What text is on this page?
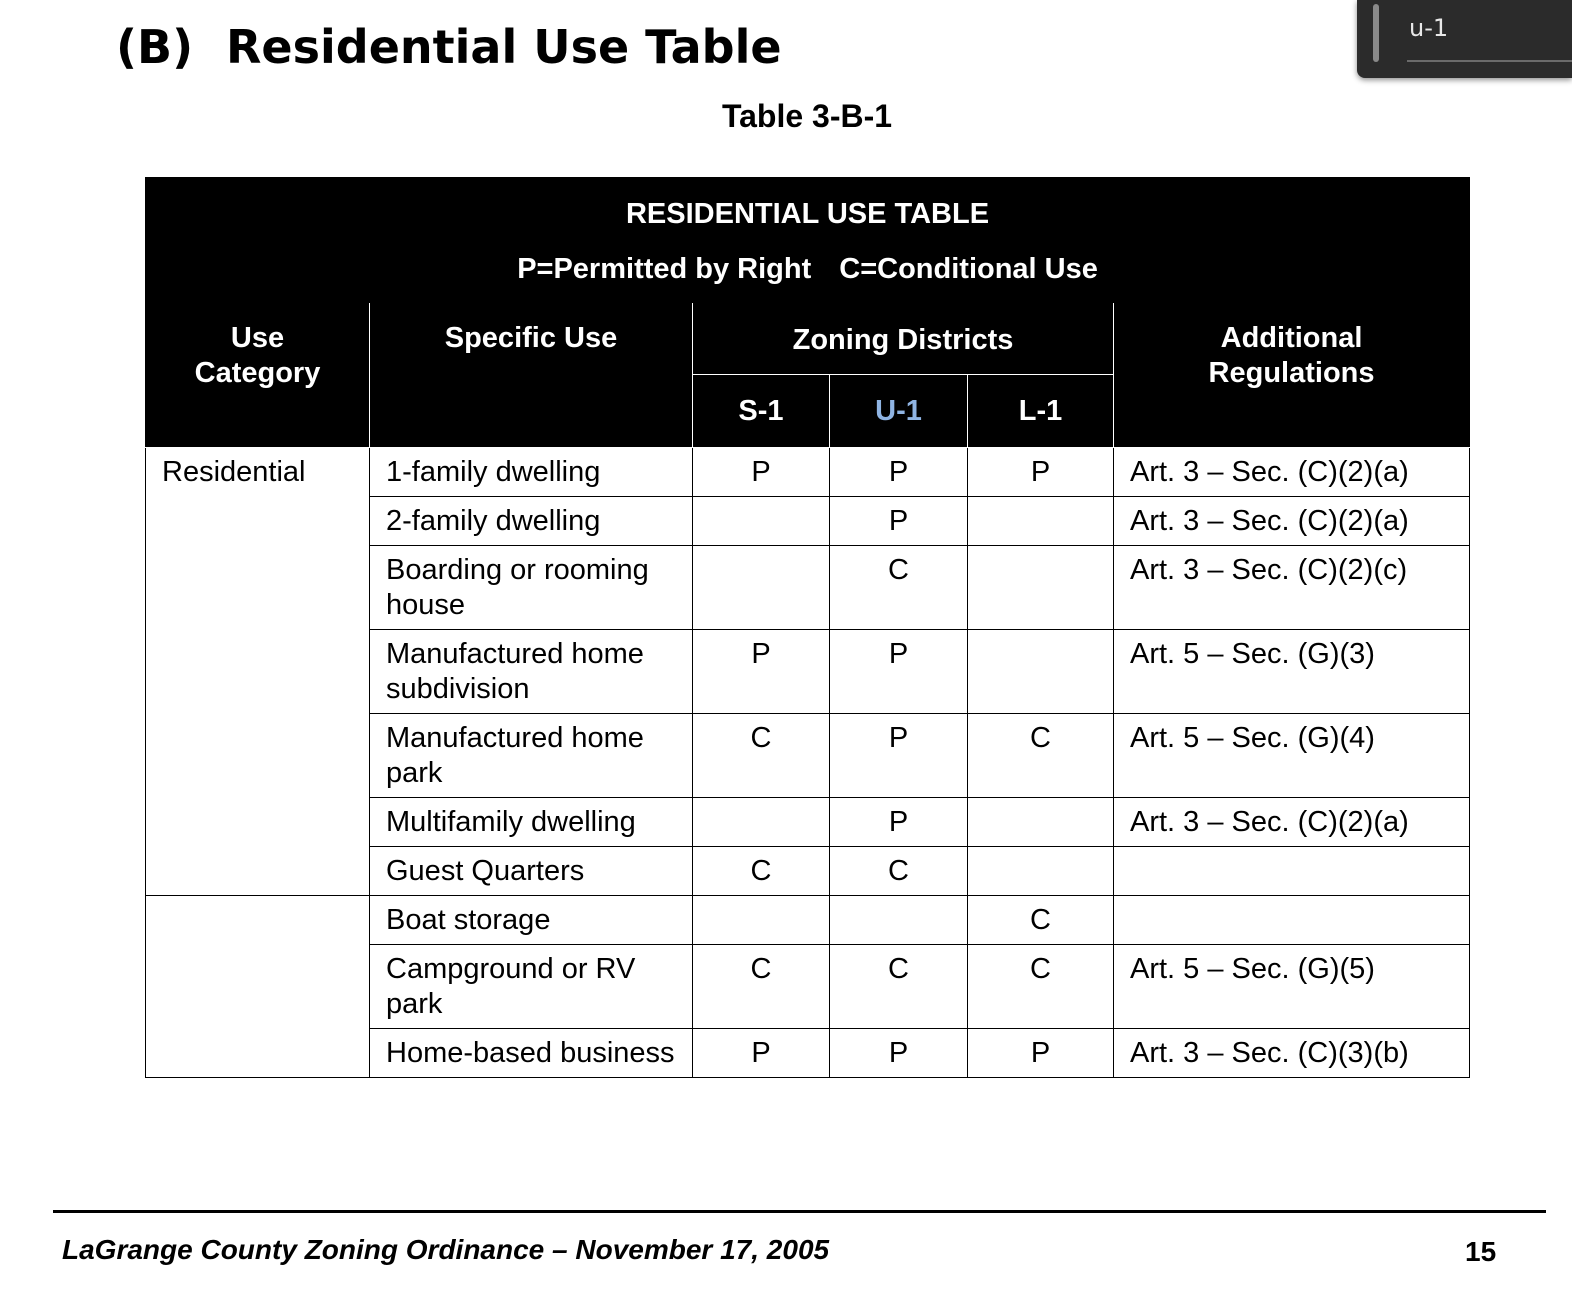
(B) Residential Use Table
Table 3-B-1
u-1
RESIDENTIAL USE TABLE
P=Permitted by Right C=Conditional Use					

Use Category	Specific Use	Zoning Districts			Additional Regulations
		S-1	U-1	L-1	
Residential	1-family dwelling	P	P	P	Art. 3 – Sec. (C)(2)(a)
	2-family dwelling		P		Art. 3 – Sec. (C)(2)(a)
	Boarding or rooming house		C		Art. 3 – Sec. (C)(2)(c)
	Manufactured home subdivision	P	P		Art. 5 – Sec. (G)(3)
	Manufactured home park	C	P	C	Art. 5 – Sec. (G)(4)
	Multifamily dwelling		P		Art. 3 – Sec. (C)(2)(a)
	Guest Quarters	C	C		
	Boat storage			C	
	Campground or RV park	C	C	C	Art. 5 – Sec. (G)(5)
	Home-based business	P	P	P	Art. 3 – Sec. (C)(3)(b)
LaGrange County Zoning Ordinance – November 17, 2005	15
